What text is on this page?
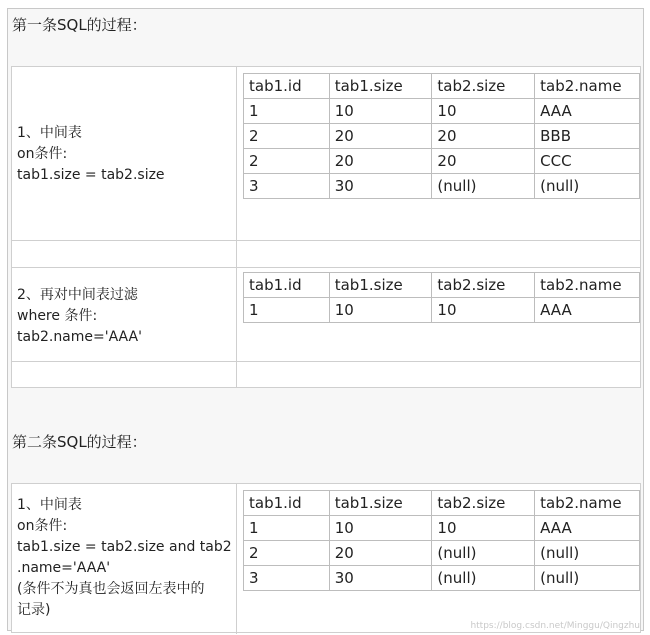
第一条SQL的过程：
1、中间表
on条件:
tab1.size = tab2.size
tab1.id	tab1.size	tab2.size	tab2.name
1	10	10	AAA
2	20	20	BBB
2	20	20	CCC
3	30	(null)	(null)
2、再对中间表过滤
where 条件:
tab2.name='AAA'
tab1.id	tab1.size	tab2.size	tab2.name
1	10	10	AAA
第二条SQL的过程：
1、中间表
on条件:
tab1.size = tab2.size and tab2
.name='AAA'
(条件不为真也会返回左表中的
记录)
tab1.id	tab1.size	tab2.size	tab2.name
1	10	10	AAA
2	20	(null)	(null)
3	30	(null)	(null)
https://blog.csdn.net/Minggu/Qingzhu
